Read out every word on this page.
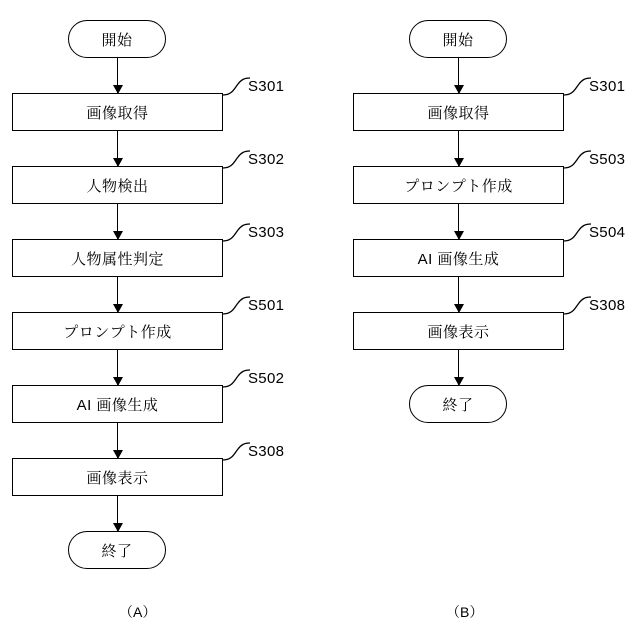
開始
画像取得
人物検出
人物属性判定
プロンプト作成
AI 画像生成
画像表示
終了
S301
S302
S303
S501
S502
S308
（A）
開始
画像取得
プロンプト作成
AI 画像生成
画像表示
終了
S301
S503
S504
S308
（B）
